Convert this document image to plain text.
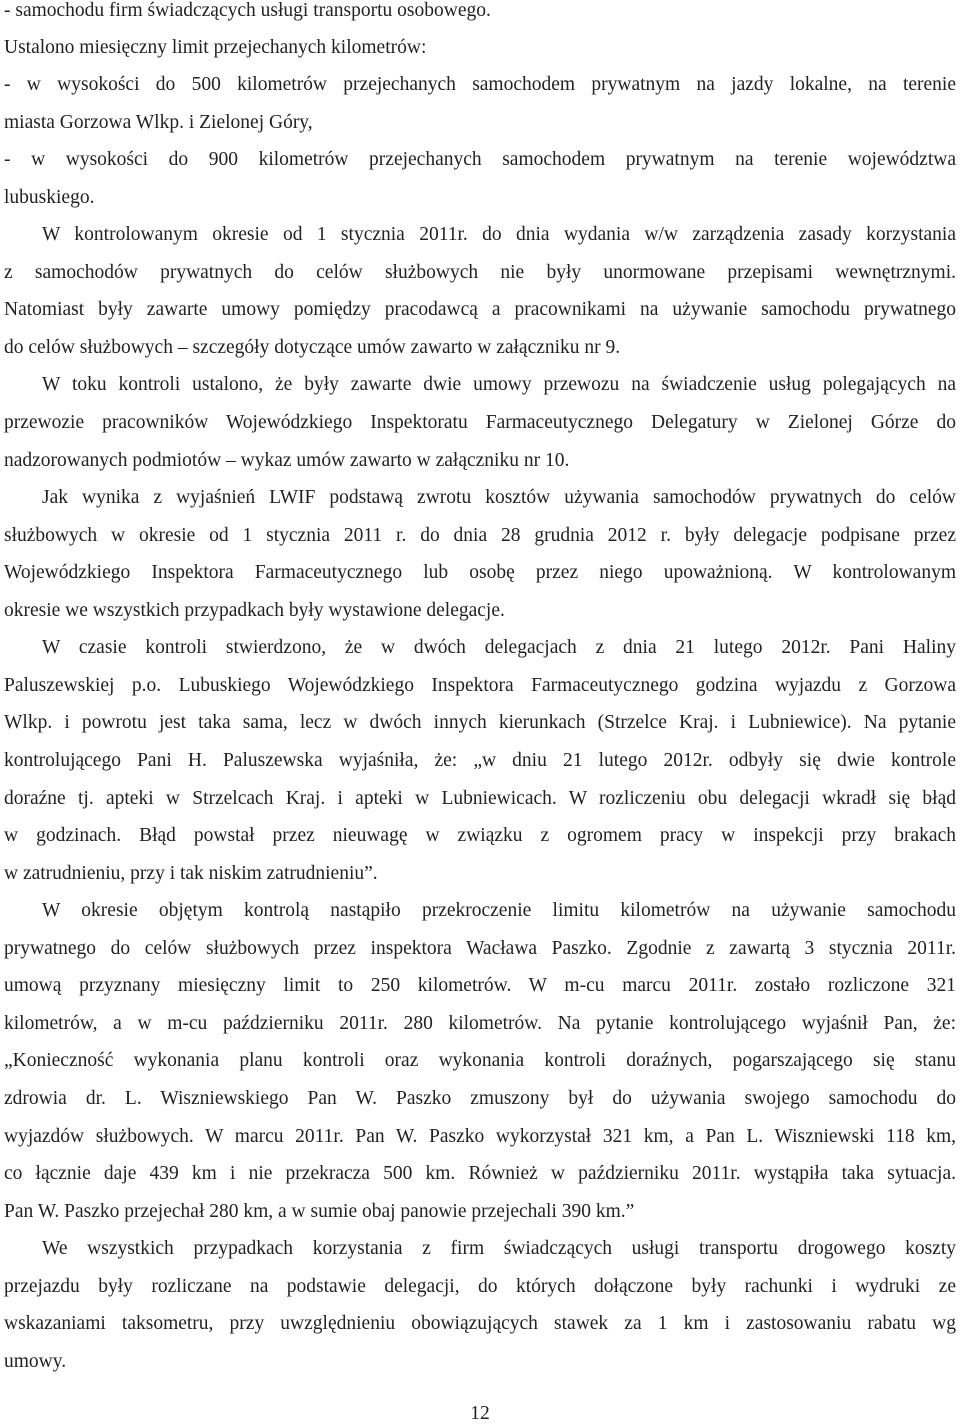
- samochodu firm świadczących usługi transportu osobowego.

Ustalono miesięczny limit przejechanych kilometrów:

- w wysokości do 500 kilometrów przejechanych samochodem prywatnym na jazdy lokalne, na terenie

miasta Gorzowa Wlkp. i Zielonej Góry,

- w wysokości do 900 kilometrów przejechanych samochodem prywatnym na terenie województwa

lubuskiego.

W kontrolowanym okresie od 1 stycznia 2011r. do dnia wydania w/w zarządzenia zasady korzystania

z samochodów prywatnych do celów służbowych nie były unormowane przepisami wewnętrznymi.

Natomiast były zawarte umowy pomiędzy pracodawcą a pracownikami na używanie samochodu prywatnego

do celów służbowych – szczegóły dotyczące umów zawarto w załączniku nr 9.

W toku kontroli ustalono, że były zawarte dwie umowy przewozu na świadczenie usług polegających na

przewozie pracowników Wojewódzkiego Inspektoratu Farmaceutycznego Delegatury w Zielonej Górze do

nadzorowanych podmiotów – wykaz umów zawarto w załączniku nr 10.

Jak wynika z wyjaśnień LWIF podstawą zwrotu kosztów używania samochodów prywatnych do celów

służbowych w okresie od 1 stycznia 2011 r. do dnia 28 grudnia 2012 r. były delegacje podpisane przez

Wojewódzkiego Inspektora Farmaceutycznego lub osobę przez niego upoważnioną. W kontrolowanym

okresie we wszystkich przypadkach były wystawione delegacje.

W czasie kontroli stwierdzono, że w dwóch delegacjach z dnia 21 lutego 2012r. Pani Haliny

Paluszewskiej p.o. Lubuskiego Wojewódzkiego Inspektora Farmaceutycznego godzina wyjazdu z Gorzowa

Wlkp. i powrotu jest taka sama, lecz w dwóch innych kierunkach (Strzelce Kraj. i Lubniewice). Na pytanie

kontrolującego Pani H. Paluszewska wyjaśniła, że: „w dniu 21 lutego 2012r. odbyły się dwie kontrole

doraźne tj. apteki w Strzelcach Kraj. i apteki w Lubniewicach. W rozliczeniu obu delegacji wkradł się błąd

w godzinach. Błąd powstał przez nieuwagę w związku z ogromem pracy w inspekcji przy brakach

w zatrudnieniu, przy i tak niskim zatrudnieniu”.

W okresie objętym kontrolą nastąpiło przekroczenie limitu kilometrów na używanie samochodu

prywatnego do celów służbowych przez inspektora Wacława Paszko. Zgodnie z zawartą 3 stycznia 2011r.

umową przyznany miesięczny limit to 250 kilometrów. W m-cu marcu 2011r. zostało rozliczone 321

kilometrów, a w m-cu październiku 2011r. 280 kilometrów. Na pytanie kontrolującego wyjaśnił Pan, że:

„Konieczność wykonania planu kontroli oraz wykonania kontroli doraźnych, pogarszającego się stanu

zdrowia dr. L. Wiszniewskiego Pan W. Paszko zmuszony był do używania swojego samochodu do

wyjazdów służbowych. W marcu 2011r. Pan W. Paszko wykorzystał 321 km, a Pan L. Wiszniewski 118 km,

co łącznie daje 439 km i nie przekracza 500 km. Również w październiku 2011r. wystąpiła taka sytuacja.

Pan W. Paszko przejechał 280 km, a w sumie obaj panowie przejechali 390 km.”

We wszystkich przypadkach korzystania z firm świadczących usługi transportu drogowego koszty

przejazdu były rozliczane na podstawie delegacji, do których dołączone były rachunki i wydruki ze

wskazaniami taksometru, przy uwzględnieniu obowiązujących stawek za 1 km i zastosowaniu rabatu wg

umowy.

12
